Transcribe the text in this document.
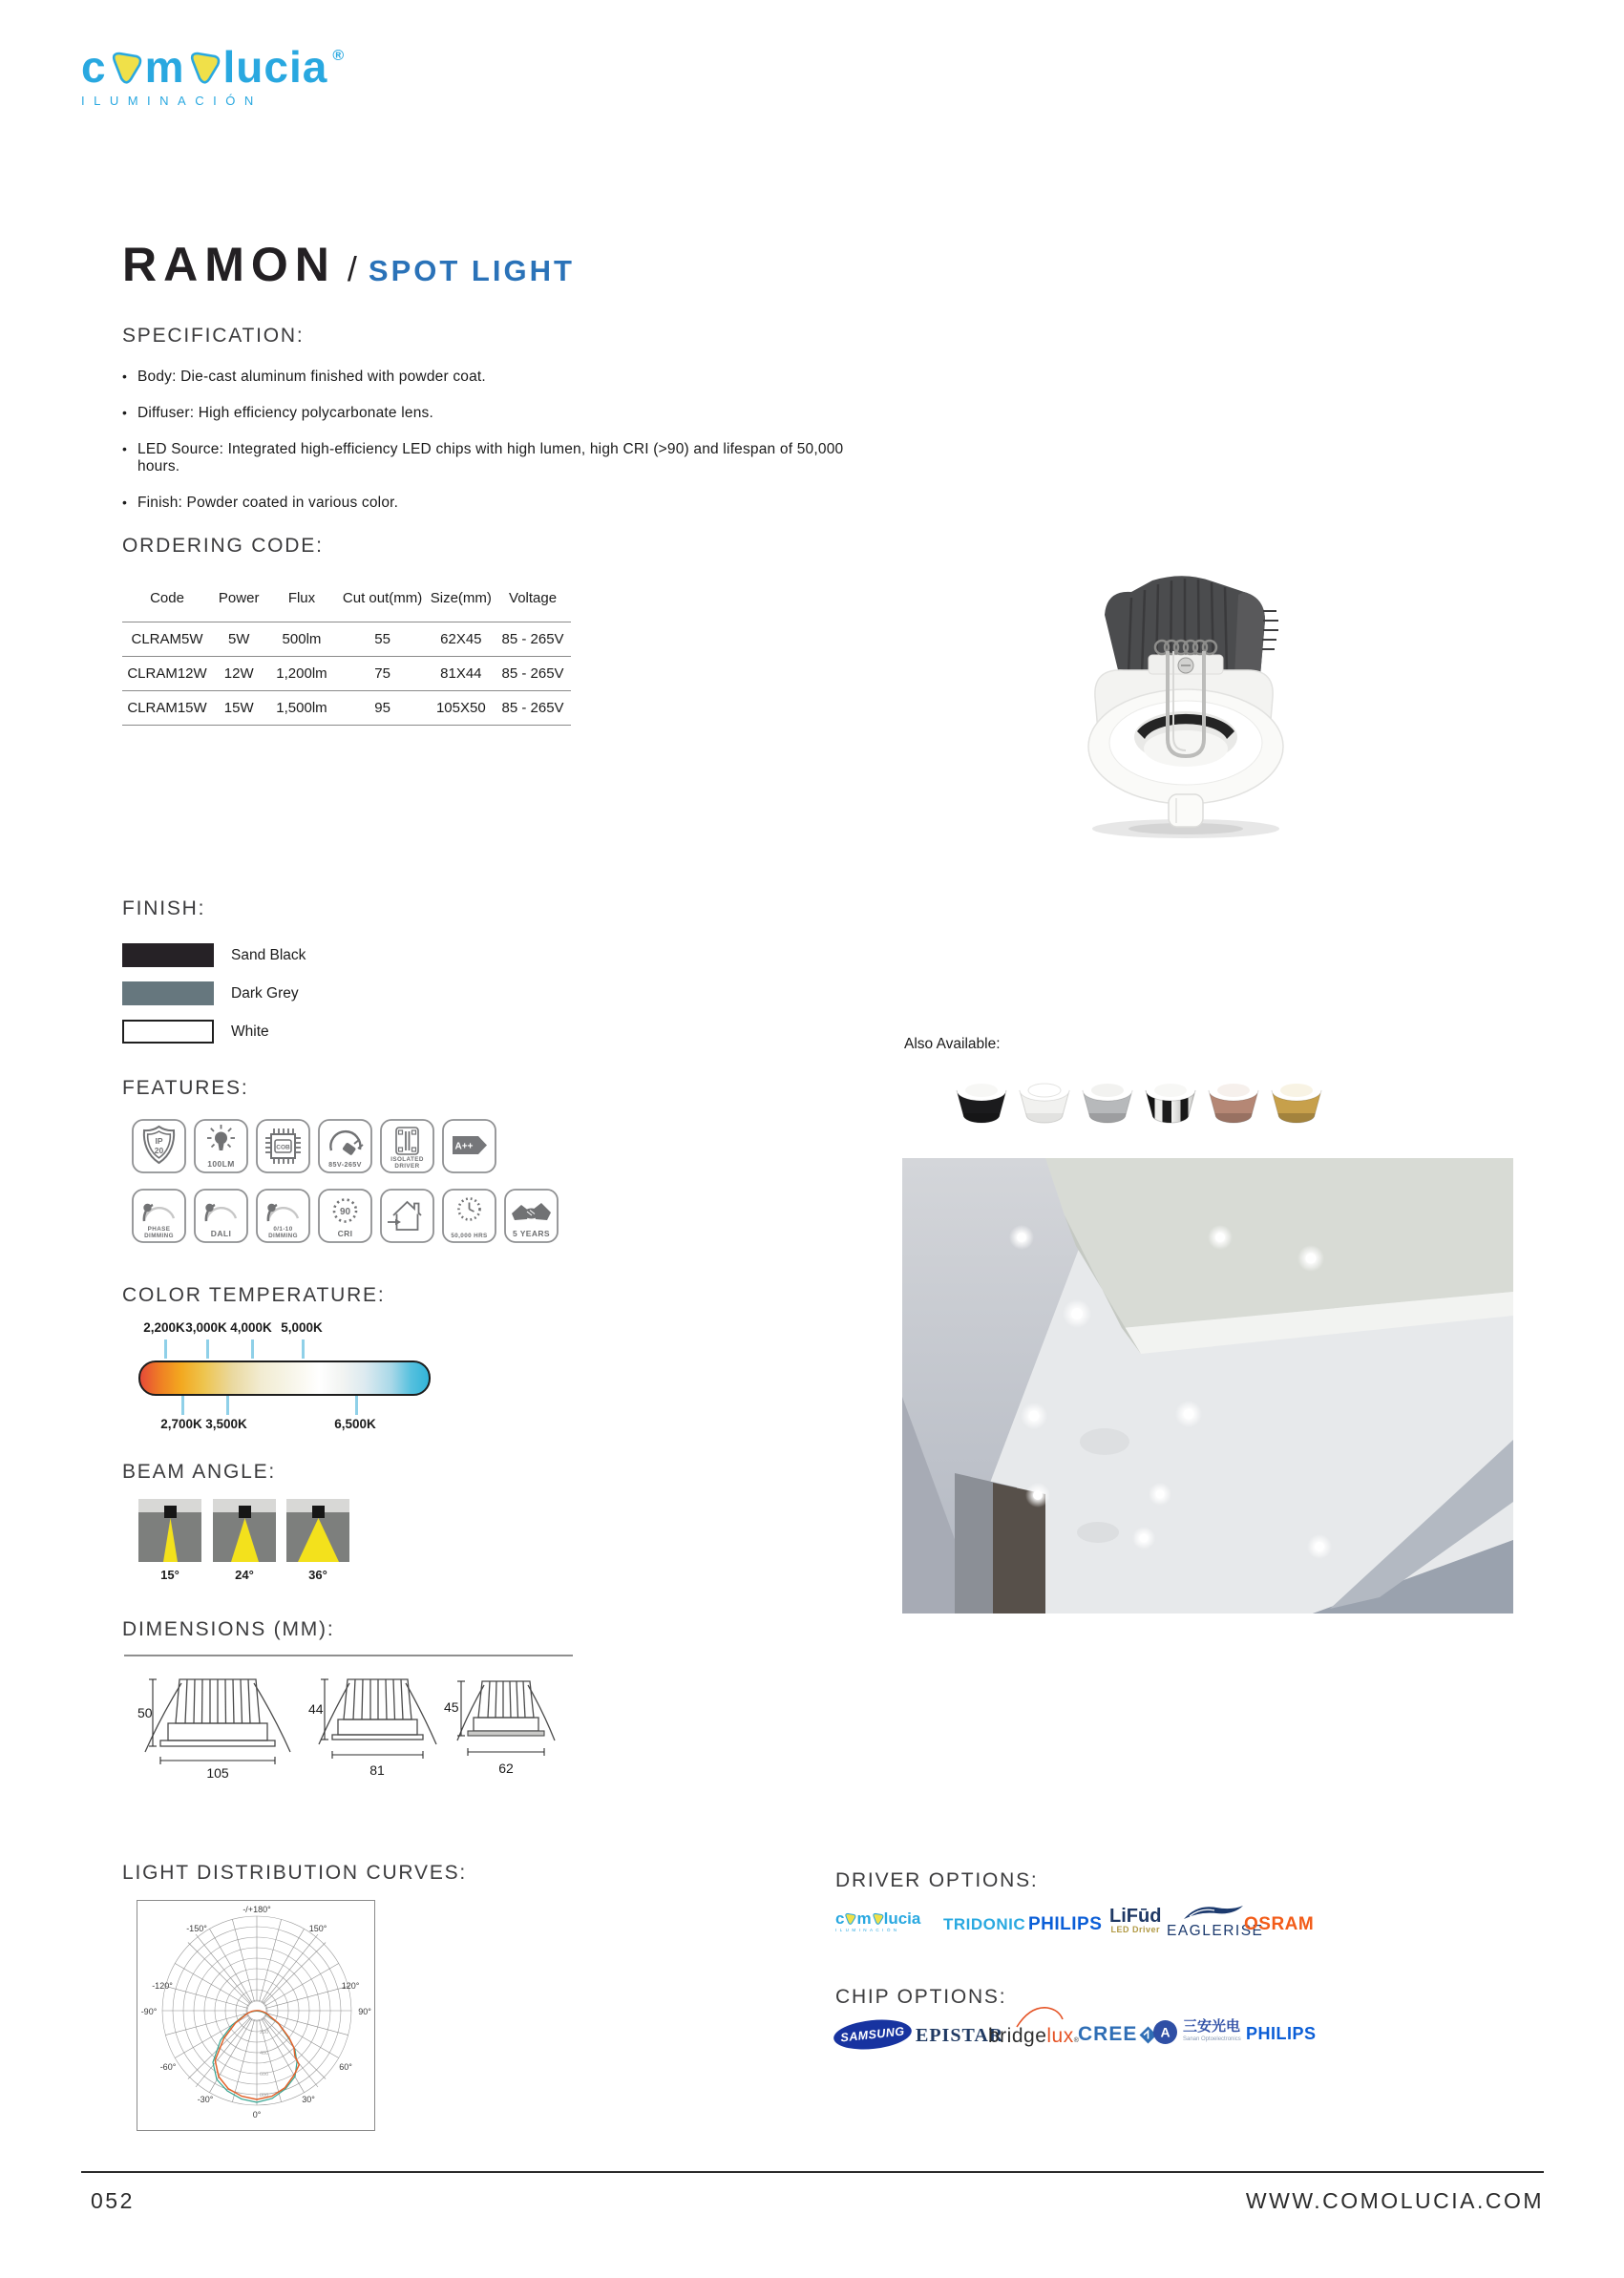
c m lucia ®
ILUMINACIÓN
RAMON / SPOT LIGHT
SPECIFICATION:
• Body: Die-cast aluminum finished with powder coat.
• Diffuser: High efficiency polycarbonate lens.
• LED Source: Integrated high-efficiency LED chips with high lumen, high CRI (>90) and lifespan of 50,000 hours.
• Finish: Powder coated in various color.
ORDERING CODE:
Code	Power	Flux	Cut out(mm)	Size(mm)	Voltage
CLRAM5W	5W	500lm	55	62X45	85 - 265V
CLRAM12W	12W	1,200lm	75	81X44	85 - 265V
CLRAM15W	15W	1,500lm	95	105X50	85 - 265V
FINISH:
Sand Black
Dark Grey
White
Also Available:
FEATURES:
IP
20
100LM
COB
85V-265V
ISOLATED DRIVER
A++
PHASE DIMMING	DALI	0/1-10 DIMMING
90
CRI	50,000 HRS	5 YEARS
COLOR TEMPERATURE:
2,200K 3,000K 4,000K 5,000K
2,700K 3,500K	6,500K
BEAM ANGLE:
15°	24°	36°
DIMENSIONS (MM):
50
105
44
81
45
62
LIGHT DISTRIBUTION CURVES:
-/+180°
-150°	150°
-120°	120°
-90°	90°
-60°	60°
-30°	30°
0°
200
400
600
800
DRIVER OPTIONS:
c m lucia
ILUMINACIÓN	TRIDONIC PHILIPS LiFūd
LED Driver EAGLERISE
OSRAM
CHIP OPTIONS:
SAMSUNG EPISTAR
bridgelux®
CREE A 三安光电
Sanan Optoelectronics PHILIPS
052	WWW.COMOLUCIA.COM
